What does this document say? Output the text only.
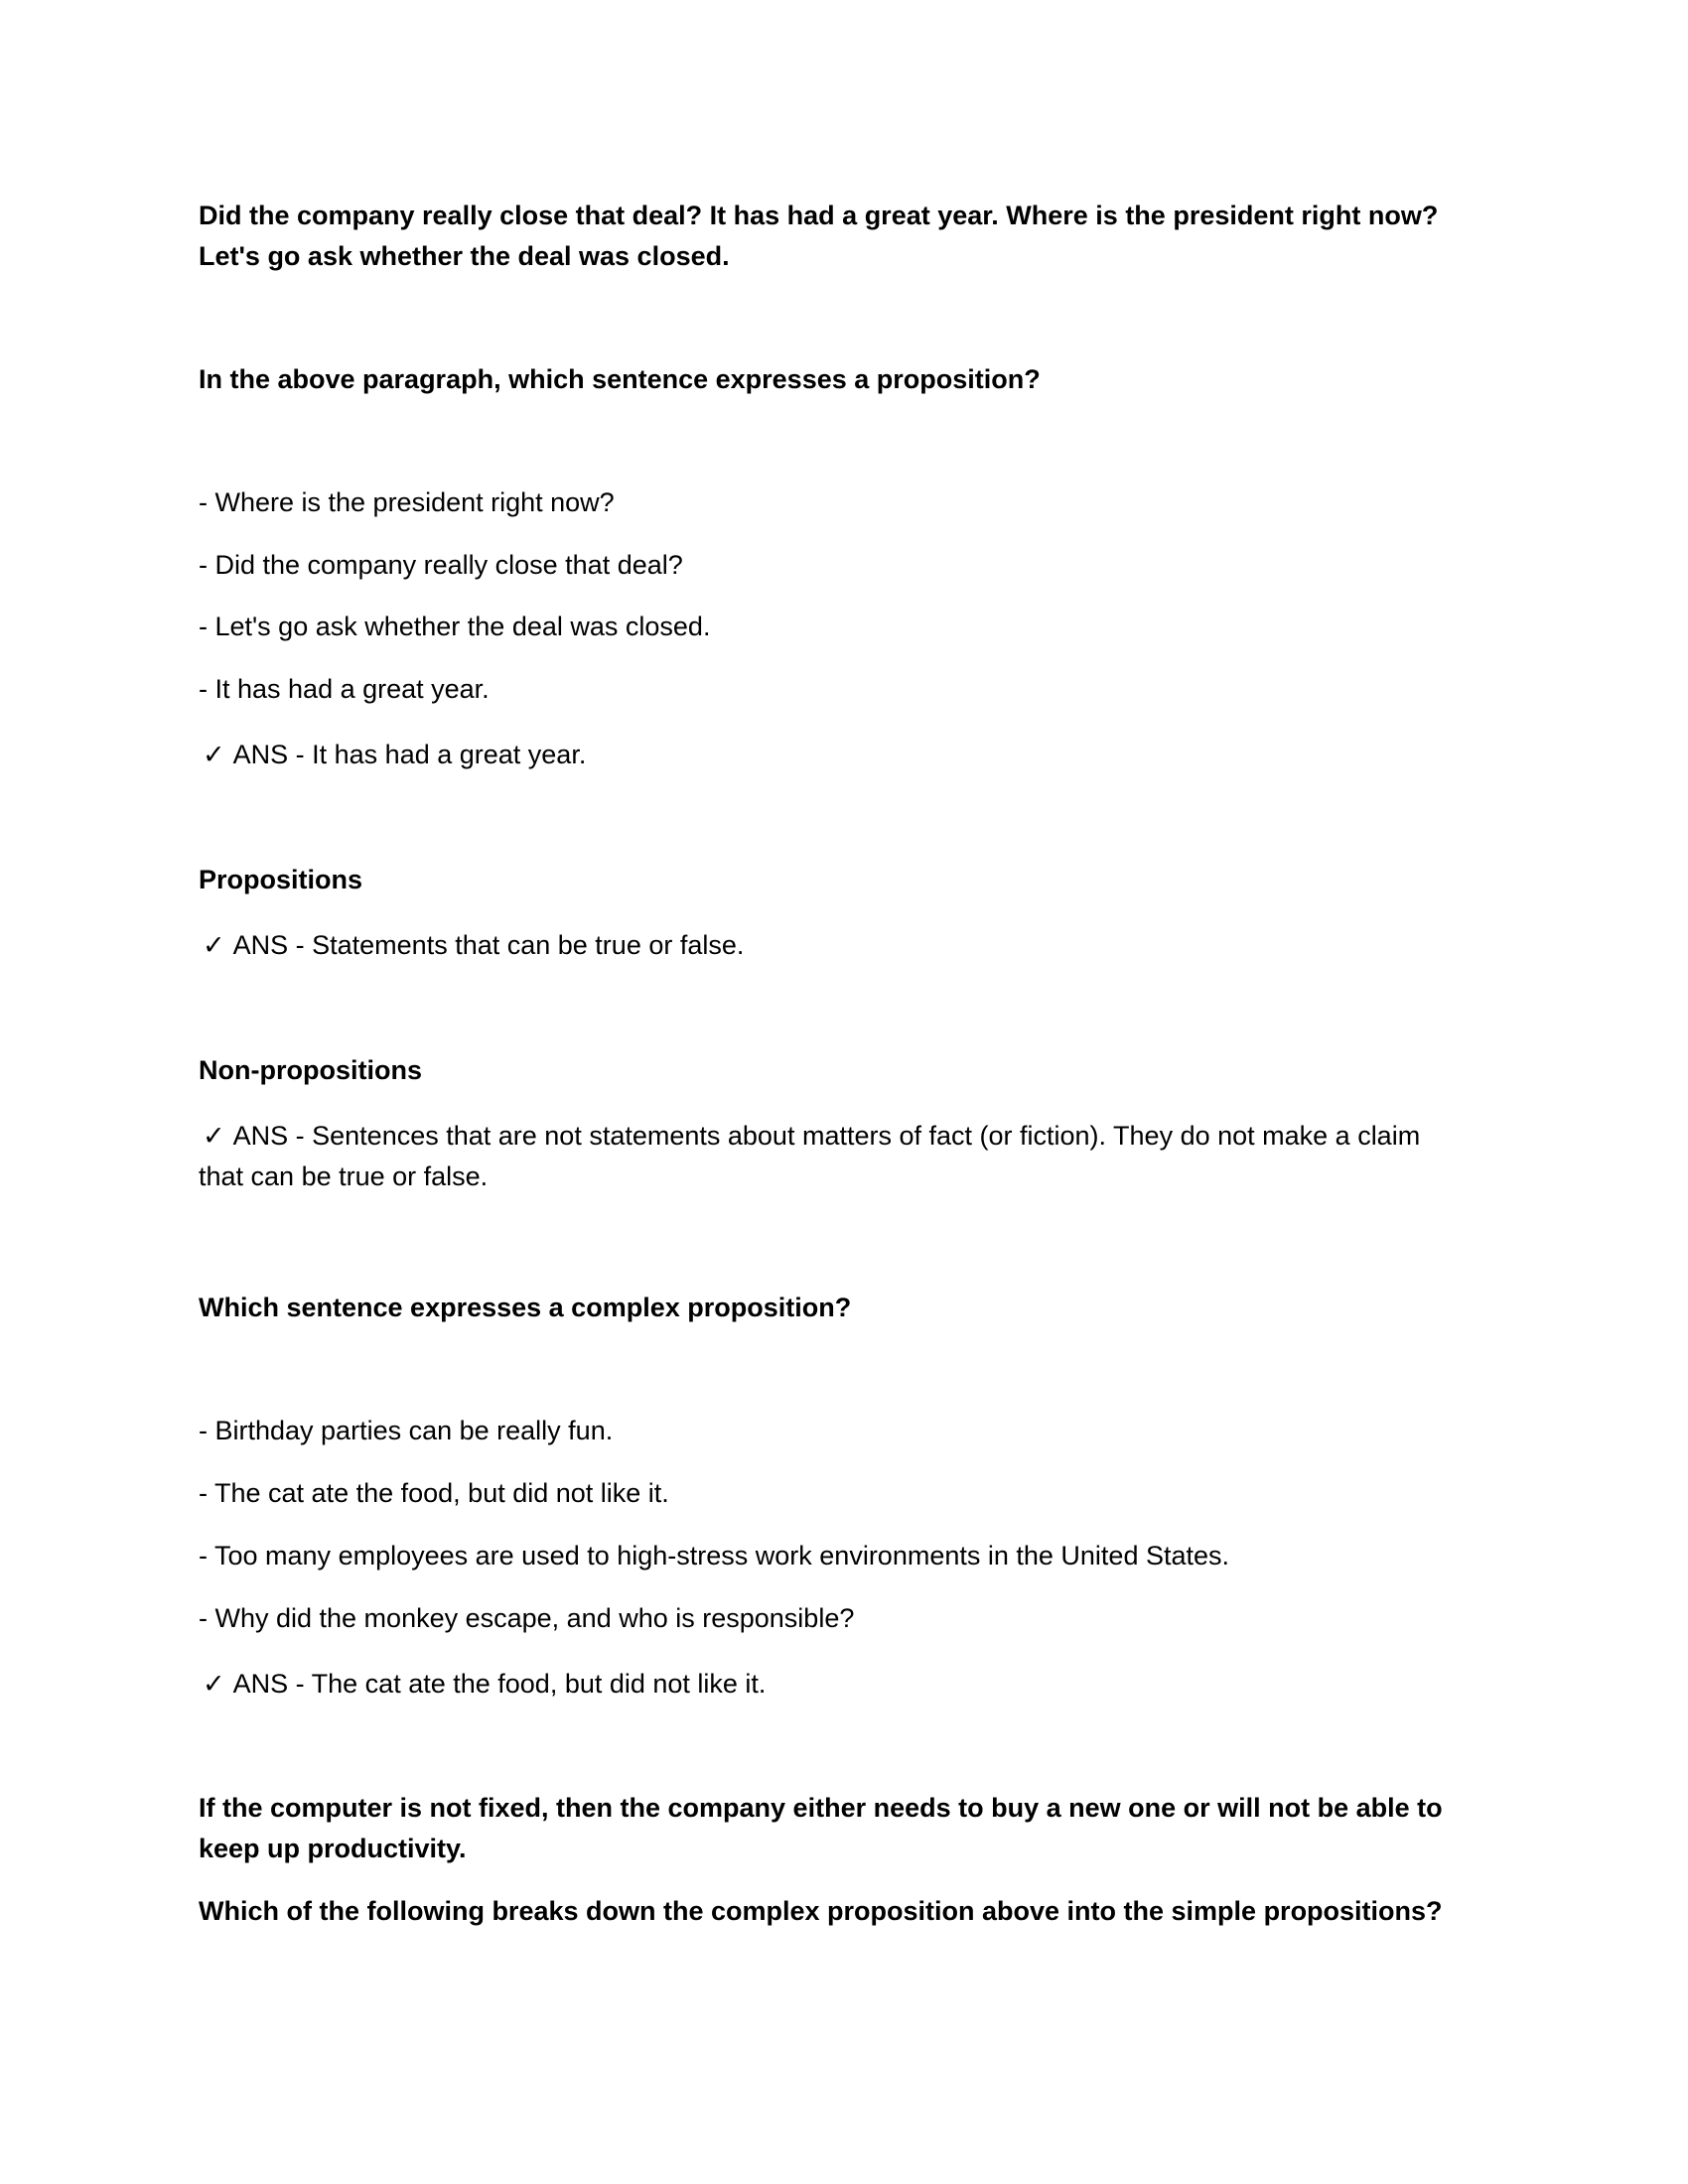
Did the company really close that deal? It has had a great year. Where is the president right now?

Let's go ask whether the deal was closed.

In the above paragraph, which sentence expresses a proposition?

- Where is the president right now?

- Did the company really close that deal?

- Let's go ask whether the deal was closed.

- It has had a great year.

✓ ANS - It has had a great year.

Propositions

✓ ANS - Statements that can be true or false.

Non-propositions

✓ ANS - Sentences that are not statements about matters of fact (or fiction). They do not make a claim

that can be true or false.

Which sentence expresses a complex proposition?

- Birthday parties can be really fun.

- The cat ate the food, but did not like it.

- Too many employees are used to high-stress work environments in the United States.

- Why did the monkey escape, and who is responsible?

✓ ANS - The cat ate the food, but did not like it.

If the computer is not fixed, then the company either needs to buy a new one or will not be able to

keep up productivity.

Which of the following breaks down the complex proposition above into the simple propositions?
